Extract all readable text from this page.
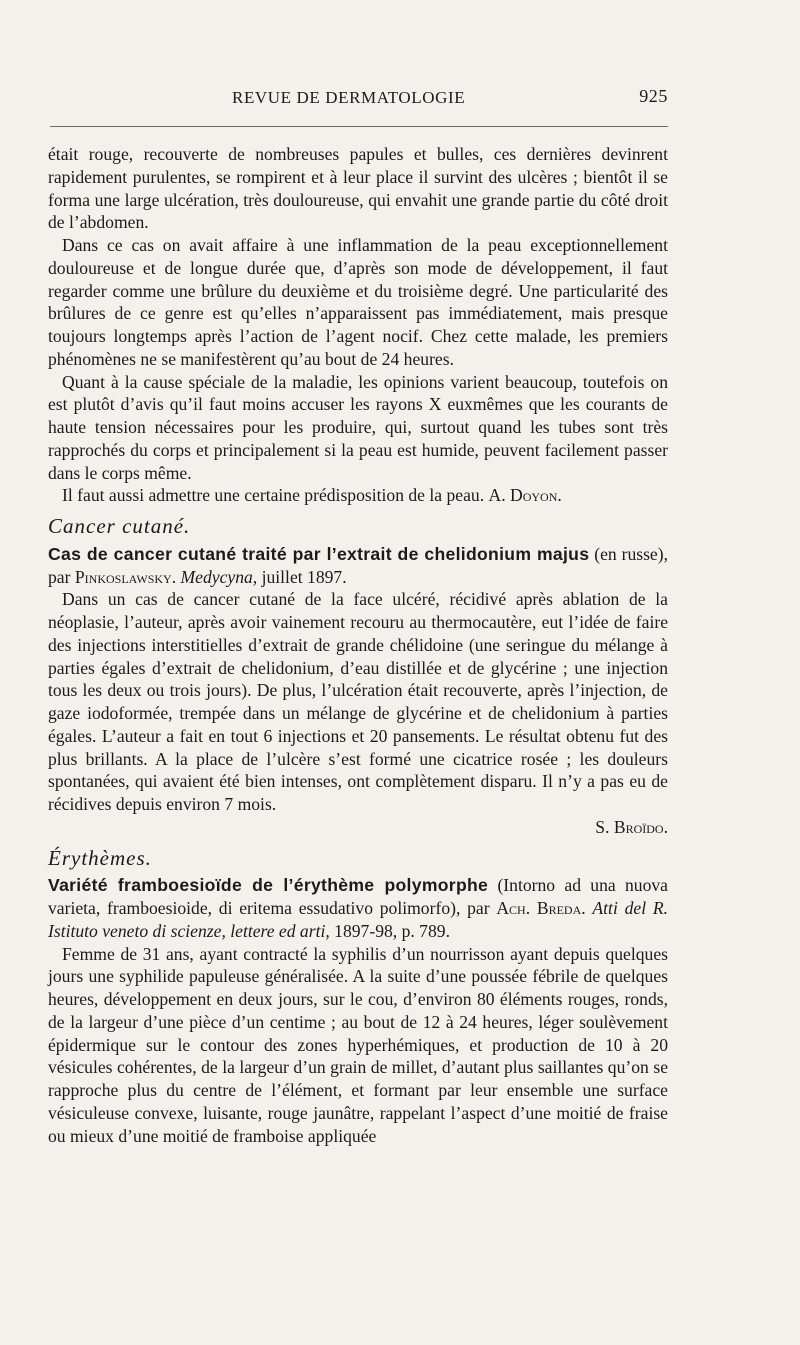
REVUE DE DERMATOLOGIE	925

était rouge, recouverte de nombreuses papules et bulles, ces dernières devinrent rapidement purulentes, se rompirent et à leur place il survint des ulcères ; bientôt il se forma une large ulcération, très douloureuse, qui envahit une grande partie du côté droit de l’abdomen.

Dans ce cas on avait affaire à une inflammation de la peau exceptionnellement douloureuse et de longue durée que, d’après son mode de développement, il faut regarder comme une brûlure du deuxième et du troisième degré. Une particularité des brûlures de ce genre est qu’elles n’apparaissent pas immédiatement, mais presque toujours longtemps après l’action de l’agent nocif. Chez cette malade, les premiers phénomènes ne se manifestèrent qu’au bout de 24 heures.

Quant à la cause spéciale de la maladie, les opinions varient beaucoup, toutefois on est plutôt d’avis qu’il faut moins accuser les rayons X euxmêmes que les courants de haute tension nécessaires pour les produire, qui, surtout quand les tubes sont très rapprochés du corps et principalement si la peau est humide, peuvent facilement passer dans le corps même.

Il faut aussi admettre une certaine prédisposition de la peau. A. Doyon.

Cancer cutané.

Cas de cancer cutané traité par l’extrait de chelidonium majus (en russe), par Pinkoslawsky. Medycyna, juillet 1897.

Dans un cas de cancer cutané de la face ulcéré, récidivé après ablation de la néoplasie, l’auteur, après avoir vainement recouru au thermocautère, eut l’idée de faire des injections interstitielles d’extrait de grande chélidoine (une seringue du mélange à parties égales d’extrait de chelidonium, d’eau distillée et de glycérine ; une injection tous les deux ou trois jours). De plus, l’ulcération était recouverte, après l’injection, de gaze iodoformée, trempée dans un mélange de glycérine et de chelidonium à parties égales. L’auteur a fait en tout 6 injections et 20 pansements. Le résultat obtenu fut des plus brillants. A la place de l’ulcère s’est formé une cicatrice rosée ; les douleurs spontanées, qui avaient été bien intenses, ont complètement disparu. Il n’y a pas eu de récidives depuis environ 7 mois.

S. Broïdo.

Érythèmes.

Variété framboesioïde de l’érythème polymorphe (Intorno ad una nuova varieta, framboesioide, di eritema essudativo polimorfo), par Ach. Breda. Atti del R. Istituto veneto di scienze, lettere ed arti, 1897-98, p. 789.

Femme de 31 ans, ayant contracté la syphilis d’un nourrisson ayant depuis quelques jours une syphilide papuleuse généralisée. A la suite d’une poussée fébrile de quelques heures, développement en deux jours, sur le cou, d’environ 80 éléments rouges, ronds, de la largeur d’une pièce d’un centime ; au bout de 12 à 24 heures, léger soulèvement épidermique sur le contour des zones hyperhémiques, et production de 10 à 20 vésicules cohérentes, de la largeur d’un grain de millet, d’autant plus saillantes qu’on se rapproche plus du centre de l’élément, et formant par leur ensemble une surface vésiculeuse convexe, luisante, rouge jaunâtre, rappelant l’aspect d’une moitié de fraise ou mieux d’une moitié de framboise appliquée
